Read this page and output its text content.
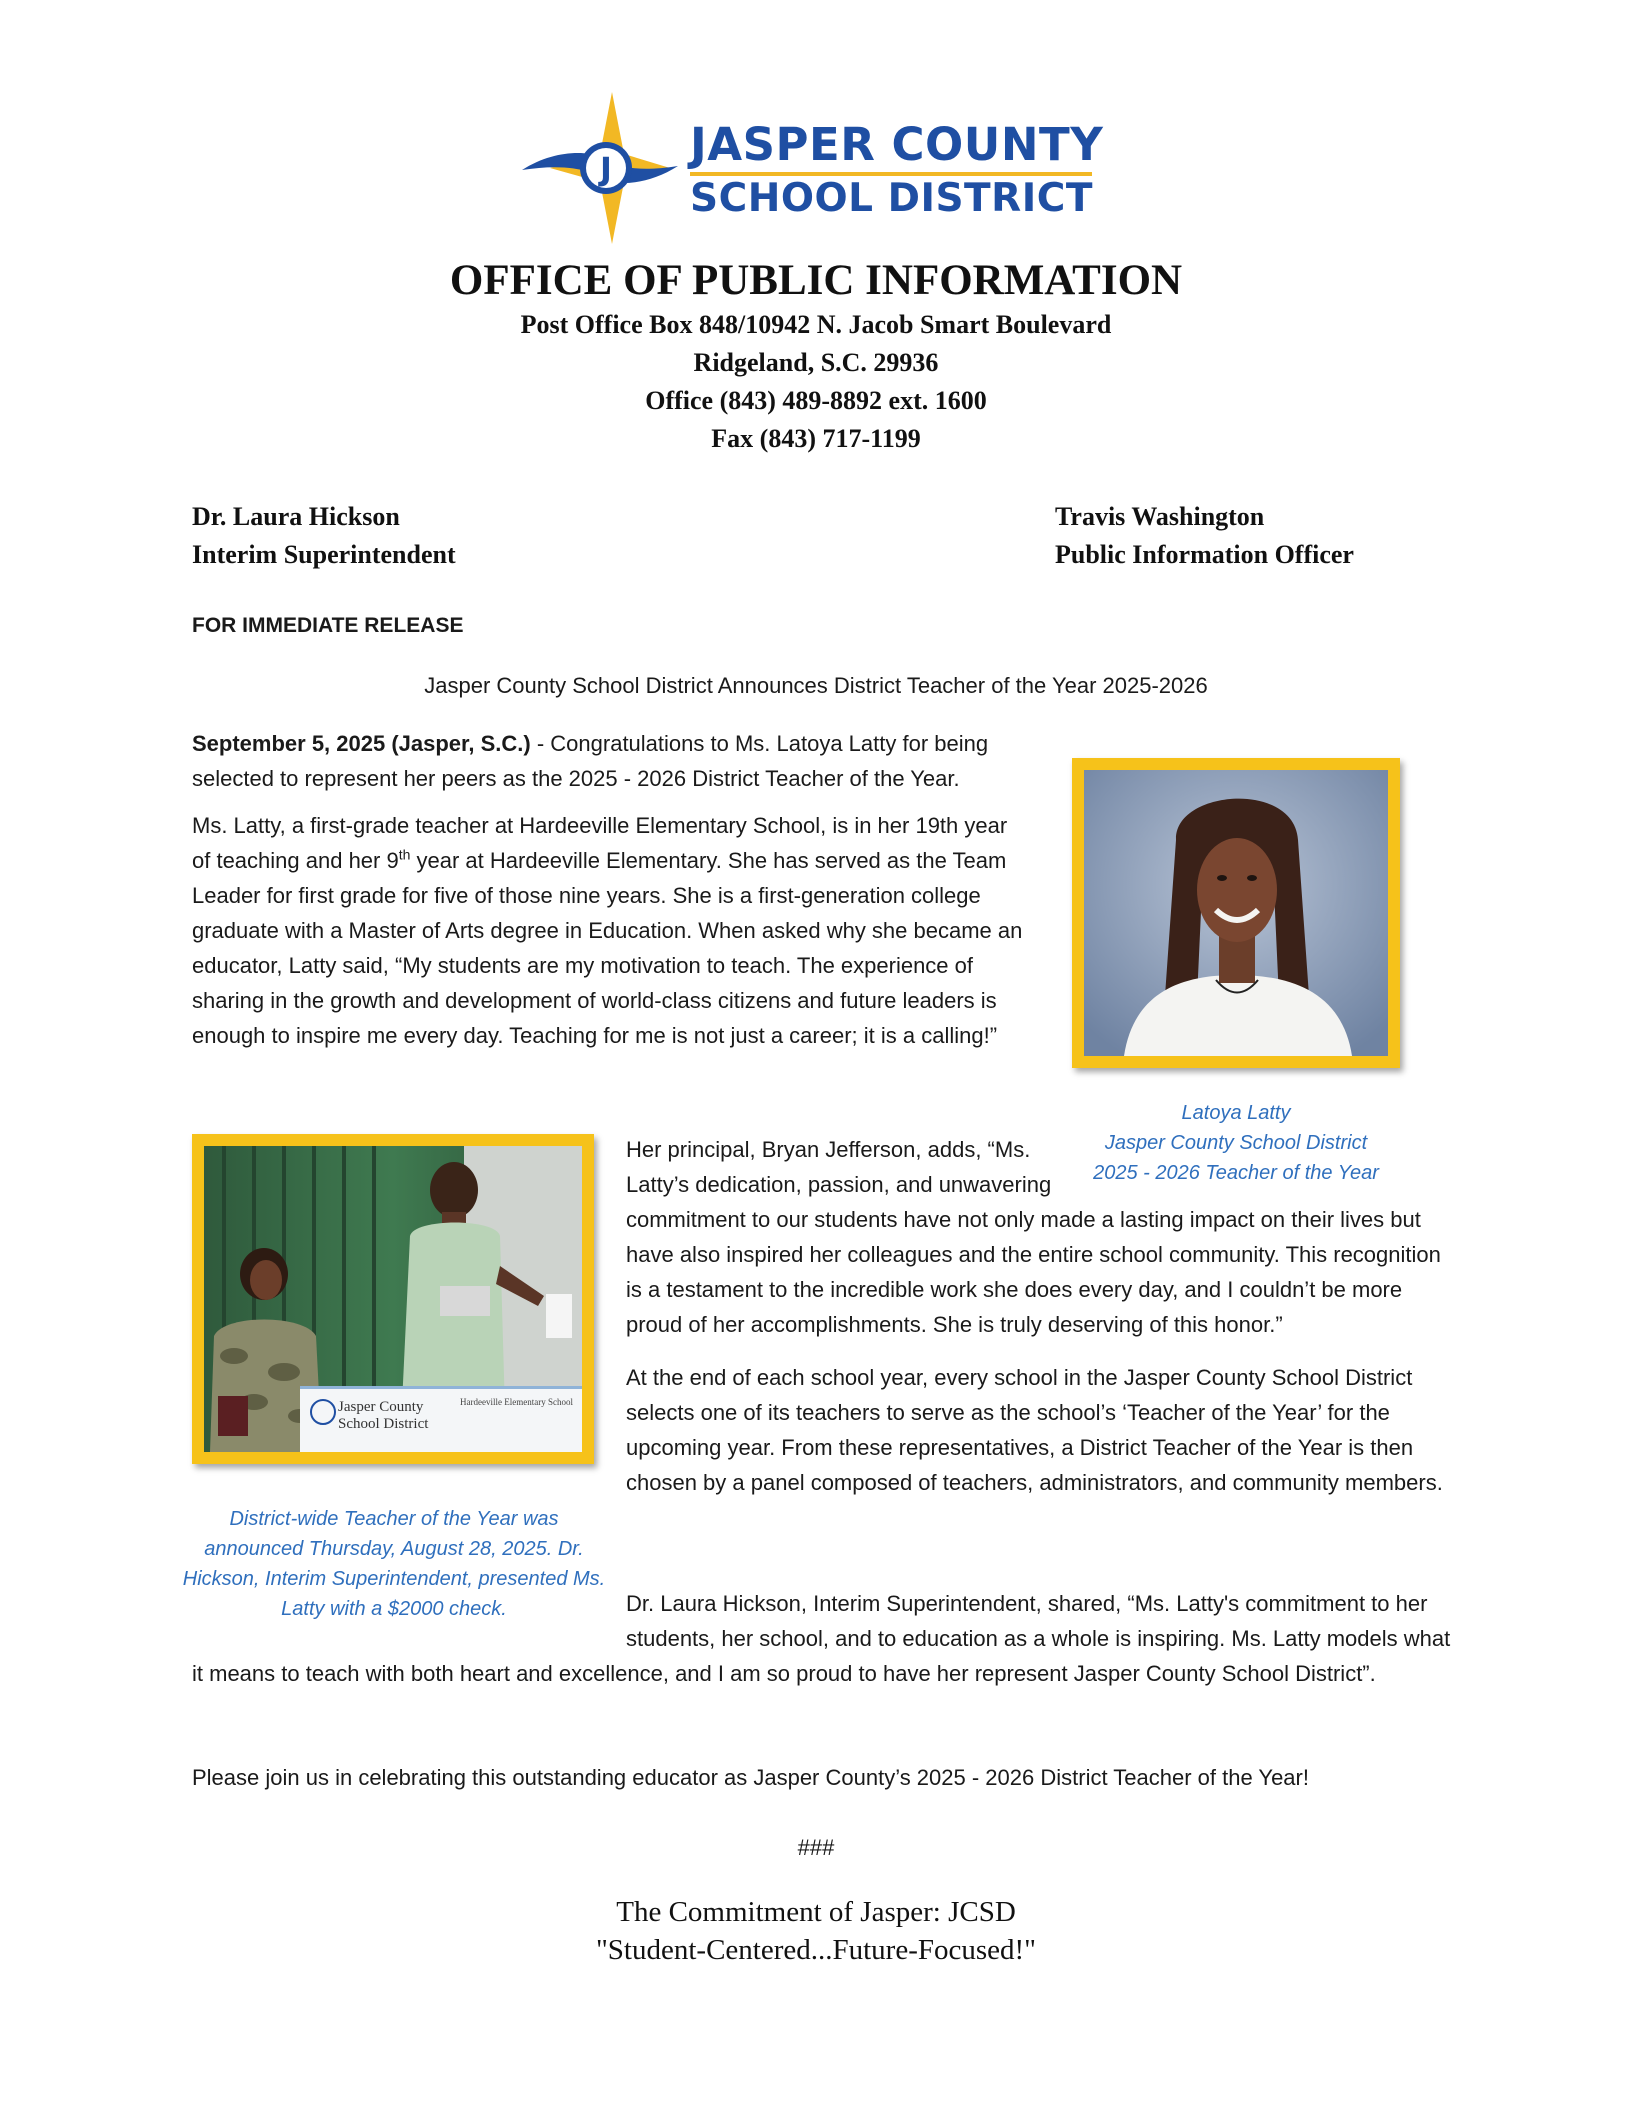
J JASPER COUNTY
SCHOOL DISTRICT
OFFICE OF PUBLIC INFORMATION
Post Office Box 848/10942 N. Jacob Smart Boulevard
Ridgeland, S.C. 29936
Office (843) 489-8892 ext. 1600
Fax (843) 717-1199
Dr. Laura Hickson
Interim Superintendent
Travis Washington
Public Information Officer
FOR IMMEDIATE RELEASE
Jasper County School District Announces District Teacher of the Year 2025-2026

September 5, 2025 (Jasper, S.C.) - Congratulations to Ms. Latoya Latty for being selected to represent her peers as the 2025 - 2026 District Teacher of the Year.

Ms. Latty, a first-grade teacher at Hardeeville Elementary School, is in her 19th year of teaching and her 9th year at Hardeeville Elementary. She has served as the Team Leader for first grade for five of those nine years. She is a first-generation college graduate with a Master of Arts degree in Education. When asked why she became an educator, Latty said, “My students are my motivation to teach. The experience of sharing in the growth and development of world-class citizens and future leaders is enough to inspire me every day. Teaching for me is not just a career; it is a calling!”

Latoya Latty
Jasper County School District
2025 - 2026 Teacher of the Year
Jasper County
School District
Hardeeville Elementary School
District-wide Teacher of the Year was announced Thursday, August 28, 2025. Dr. Hickson, Interim Superintendent, presented Ms. Latty with a $2000 check.

Her principal, Bryan Jefferson, adds, “Ms. Latty’s dedication, passion, and unwavering commitment to our students have not only made a lasting impact on their lives but have also inspired her colleagues and the entire school community. This recognition is a testament to the incredible work she does every day, and I couldn’t be more proud of her accomplishments. She is truly deserving of this honor.”

At the end of each school year, every school in the Jasper County School District selects one of its teachers to serve as the school’s ‘Teacher of the Year’ for the upcoming year. From these representatives, a District Teacher of the Year is then chosen by a panel composed of teachers, administrators, and community members.

Dr. Laura Hickson, Interim Superintendent, shared, “Ms. Latty's commitment to her students, her school, and to education as a whole is inspiring. Ms. Latty models what it means to teach with both heart and excellence, and I am so proud to have her represent Jasper County School District”.

Please join us in celebrating this outstanding educator as Jasper County’s 2025 - 2026 District Teacher of the Year!
###
The Commitment of Jasper: JCSD
"Student-Centered...Future-Focused!"
